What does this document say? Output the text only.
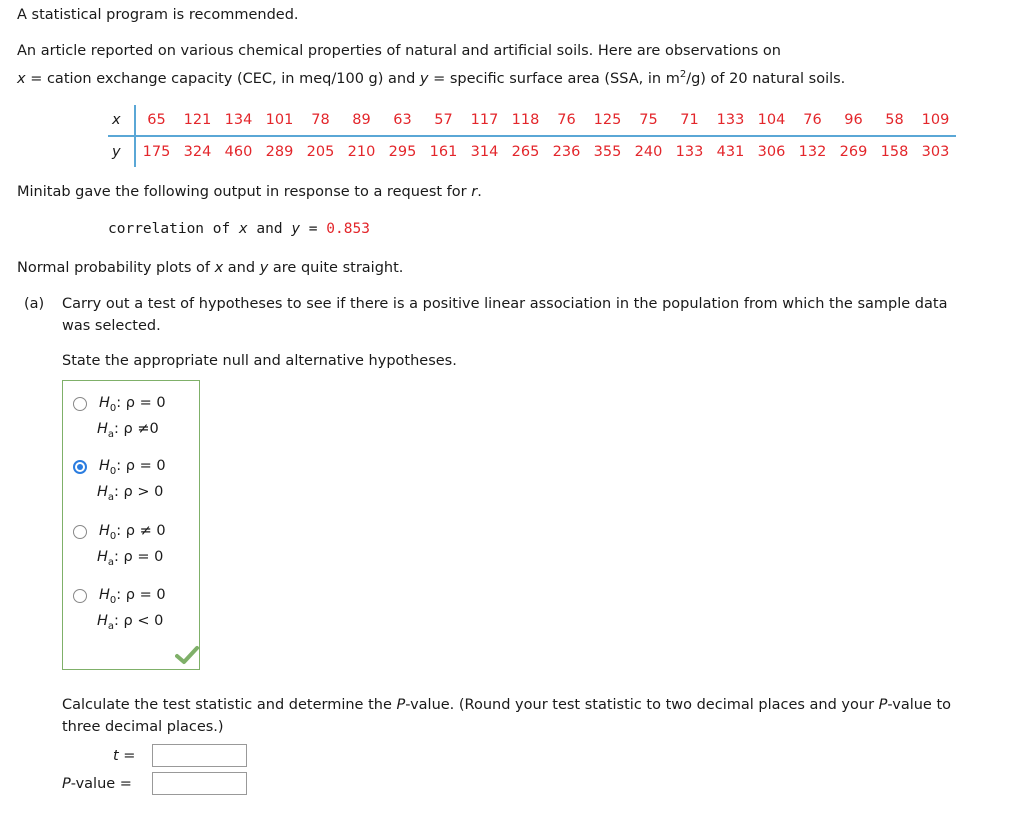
A statistical program is recommended.
An article reported on various chemical properties of natural and artificial soils. Here are observations on
x = cation exchange capacity (CEC, in meq/100 g) and y = specific surface area (SSA, in $m^2/g$) of 20 natural soils.
x	65	121	134	101	78	89	63	57	117	118	76	125	75	71	133	104	76	96	58	109
y	175	324	460	289	205	210	295	161	314	265	236	355	240	133	431	306	132	269	158	303
Minitab gave the following output in response to a request for r.
correlation of x and y = 0.853
Normal probability plots of x and y are quite straight.
(a) Carry out a test of hypotheses to see if there is a positive linear association in the population from which the sample data
was selected.
State the appropriate null and alternative hypotheses.
$H_0$: ρ = 0
$H_a$: ρ ≠0
$H_0$: ρ = 0
$H_a$: ρ > 0
$H_0$: ρ ≠ 0
$H_a$: ρ = 0
$H_0$: ρ = 0
$H_a$: ρ < 0
Calculate the test statistic and determine the P-value. (Round your test statistic to two decimal places and your P-value to
three decimal places.)
t =
P-value =
